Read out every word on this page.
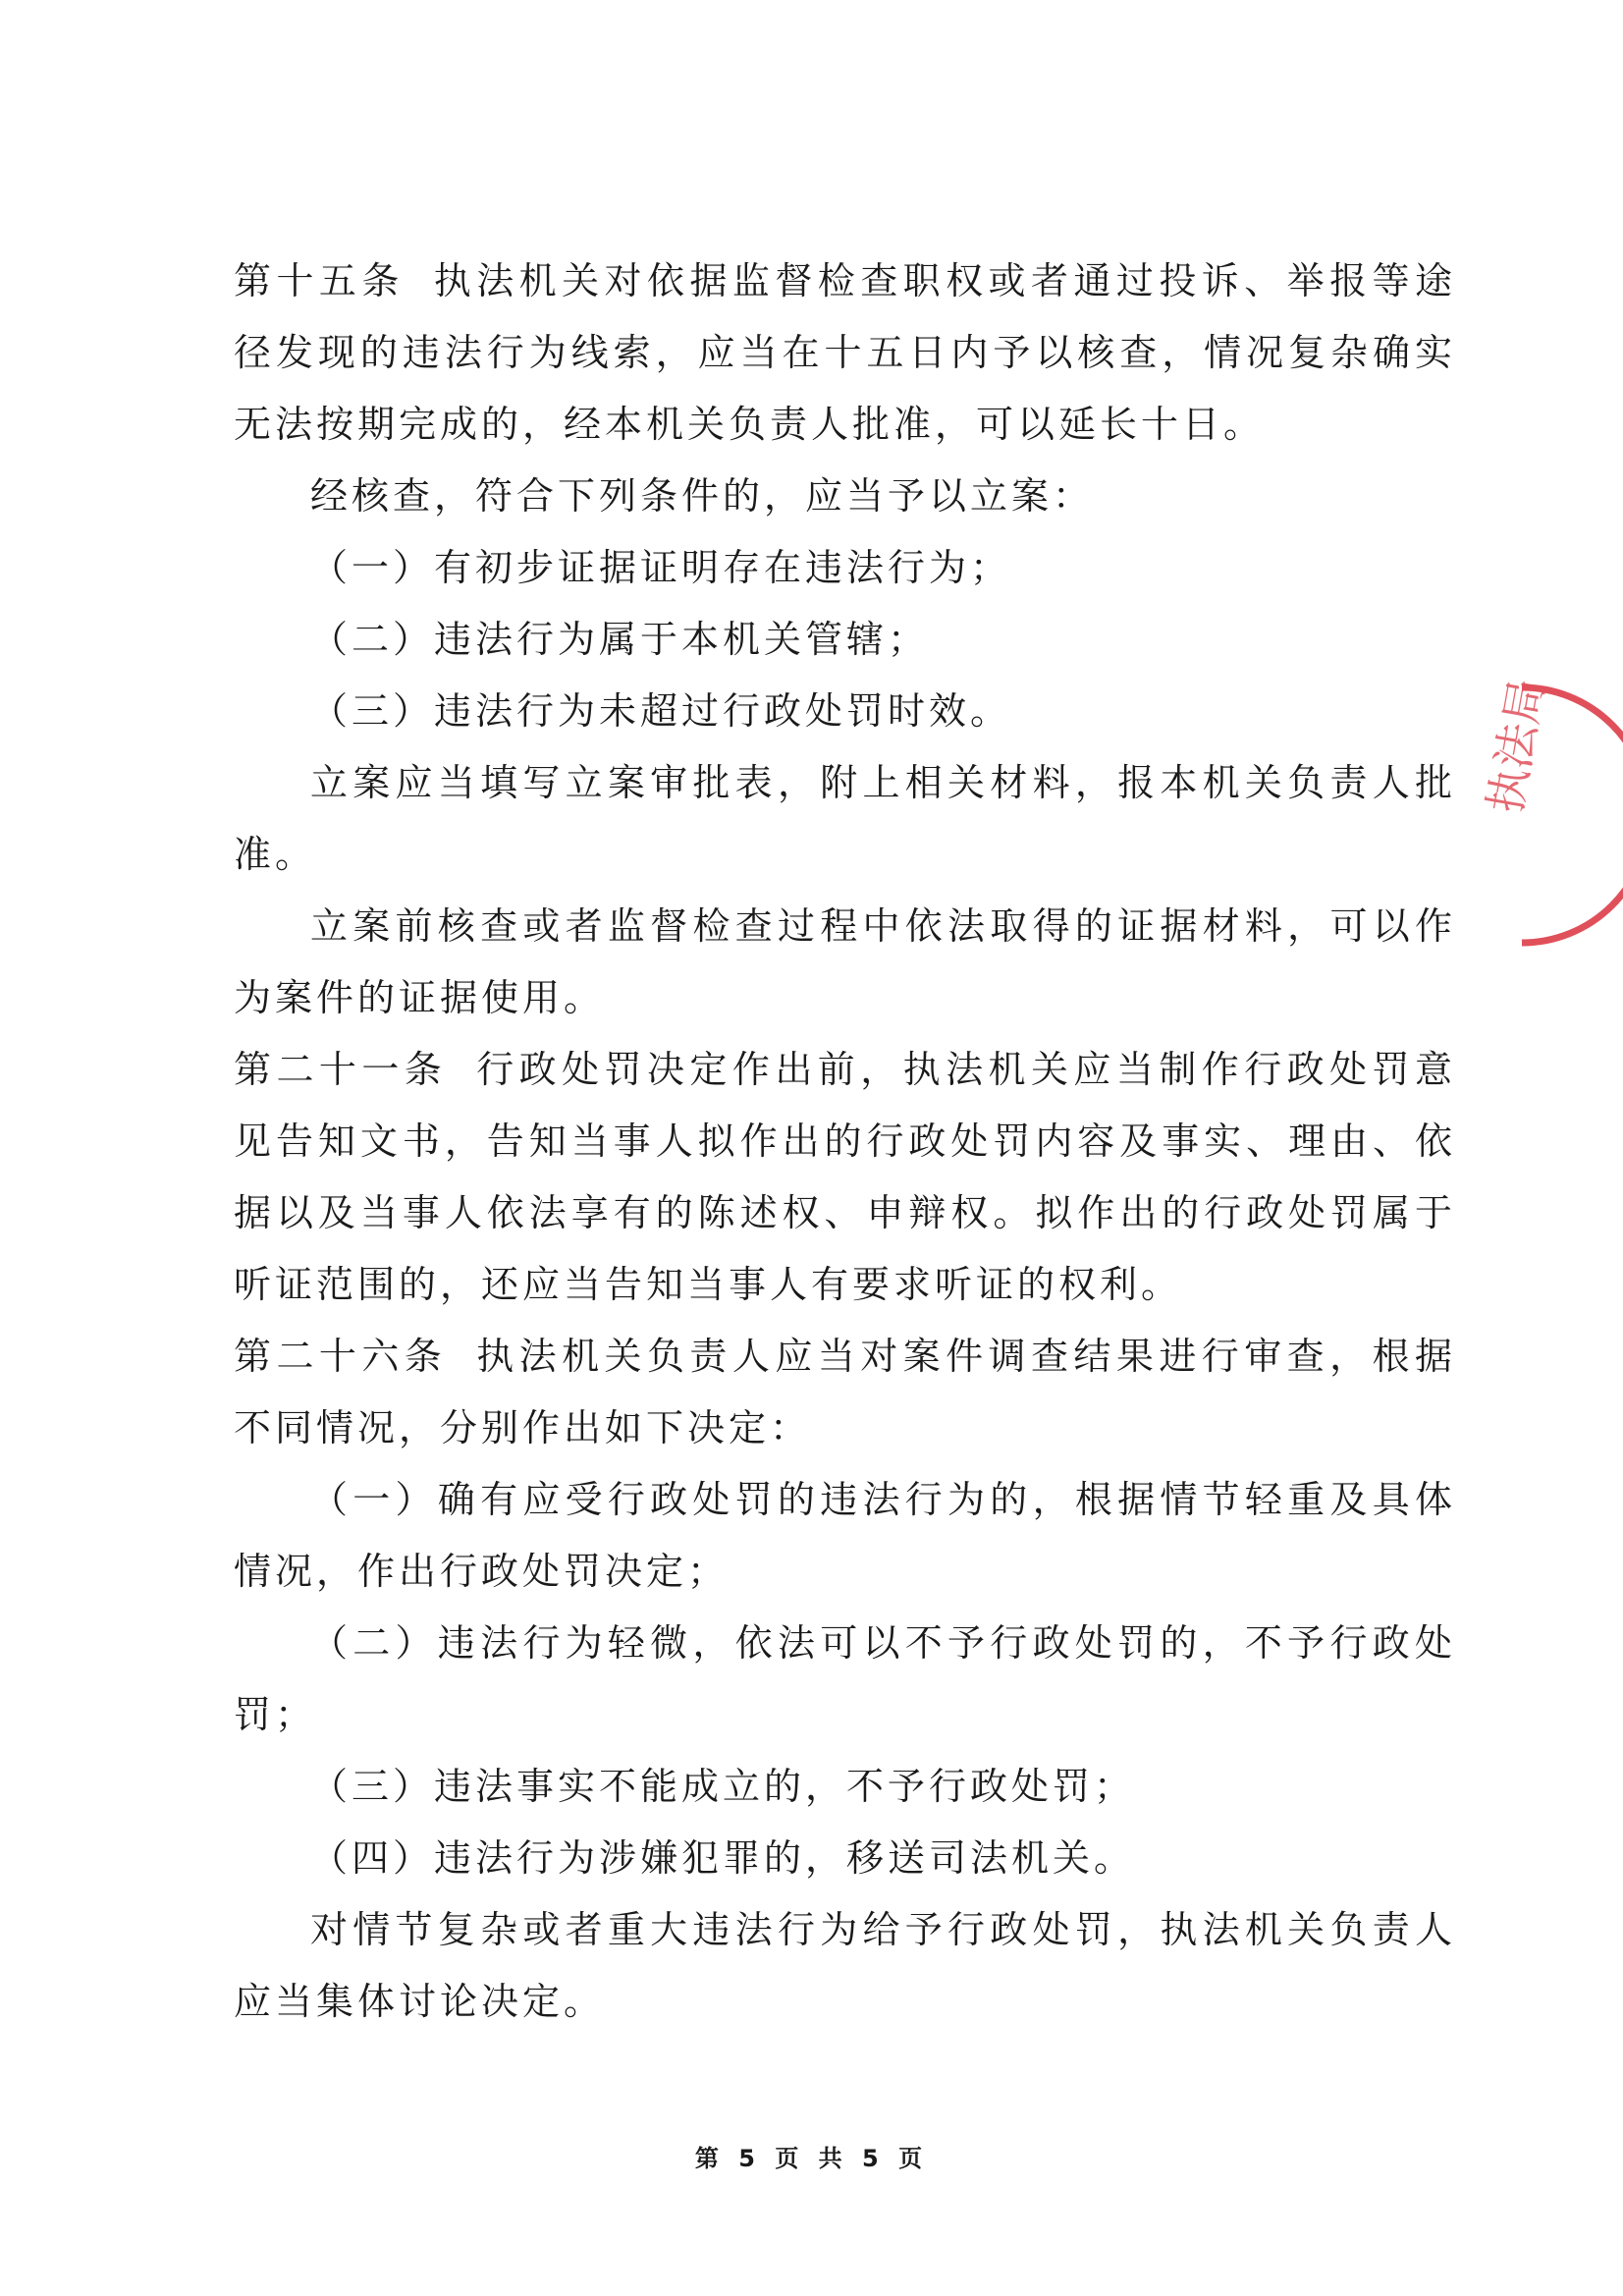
第十五条 执法机关对依据监督检查职权或者通过投诉、举报等途径发现的违法行为线索，应当在十五日内予以核查，情况复杂确实无法按期完成的，经本机关负责人批准，可以延长十日。

经核查，符合下列条件的，应当予以立案：

（一）有初步证据证明存在违法行为；

（二）违法行为属于本机关管辖；

（三）违法行为未超过行政处罚时效。

立案应当填写立案审批表，附上相关材料，报本机关负责人批准。

立案前核查或者监督检查过程中依法取得的证据材料，可以作为案件的证据使用。

第二十一条 行政处罚决定作出前，执法机关应当制作行政处罚意见告知文书，告知当事人拟作出的行政处罚内容及事实、理由、依据以及当事人依法享有的陈述权、申辩权。拟作出的行政处罚属于听证范围的，还应当告知当事人有要求听证的权利。

第二十六条 执法机关负责人应当对案件调查结果进行审查，根据不同情况，分别作出如下决定：

（一）确有应受行政处罚的违法行为的，根据情节轻重及具体情况，作出行政处罚决定；

（二）违法行为轻微，依法可以不予行政处罚的，不予行政处罚；

（三）违法事实不能成立的，不予行政处罚；

（四）违法行为涉嫌犯罪的，移送司法机关。

对情节复杂或者重大违法行为给予行政处罚，执法机关负责人应当集体讨论决定。

执法局
第 5 页 共 5 页
